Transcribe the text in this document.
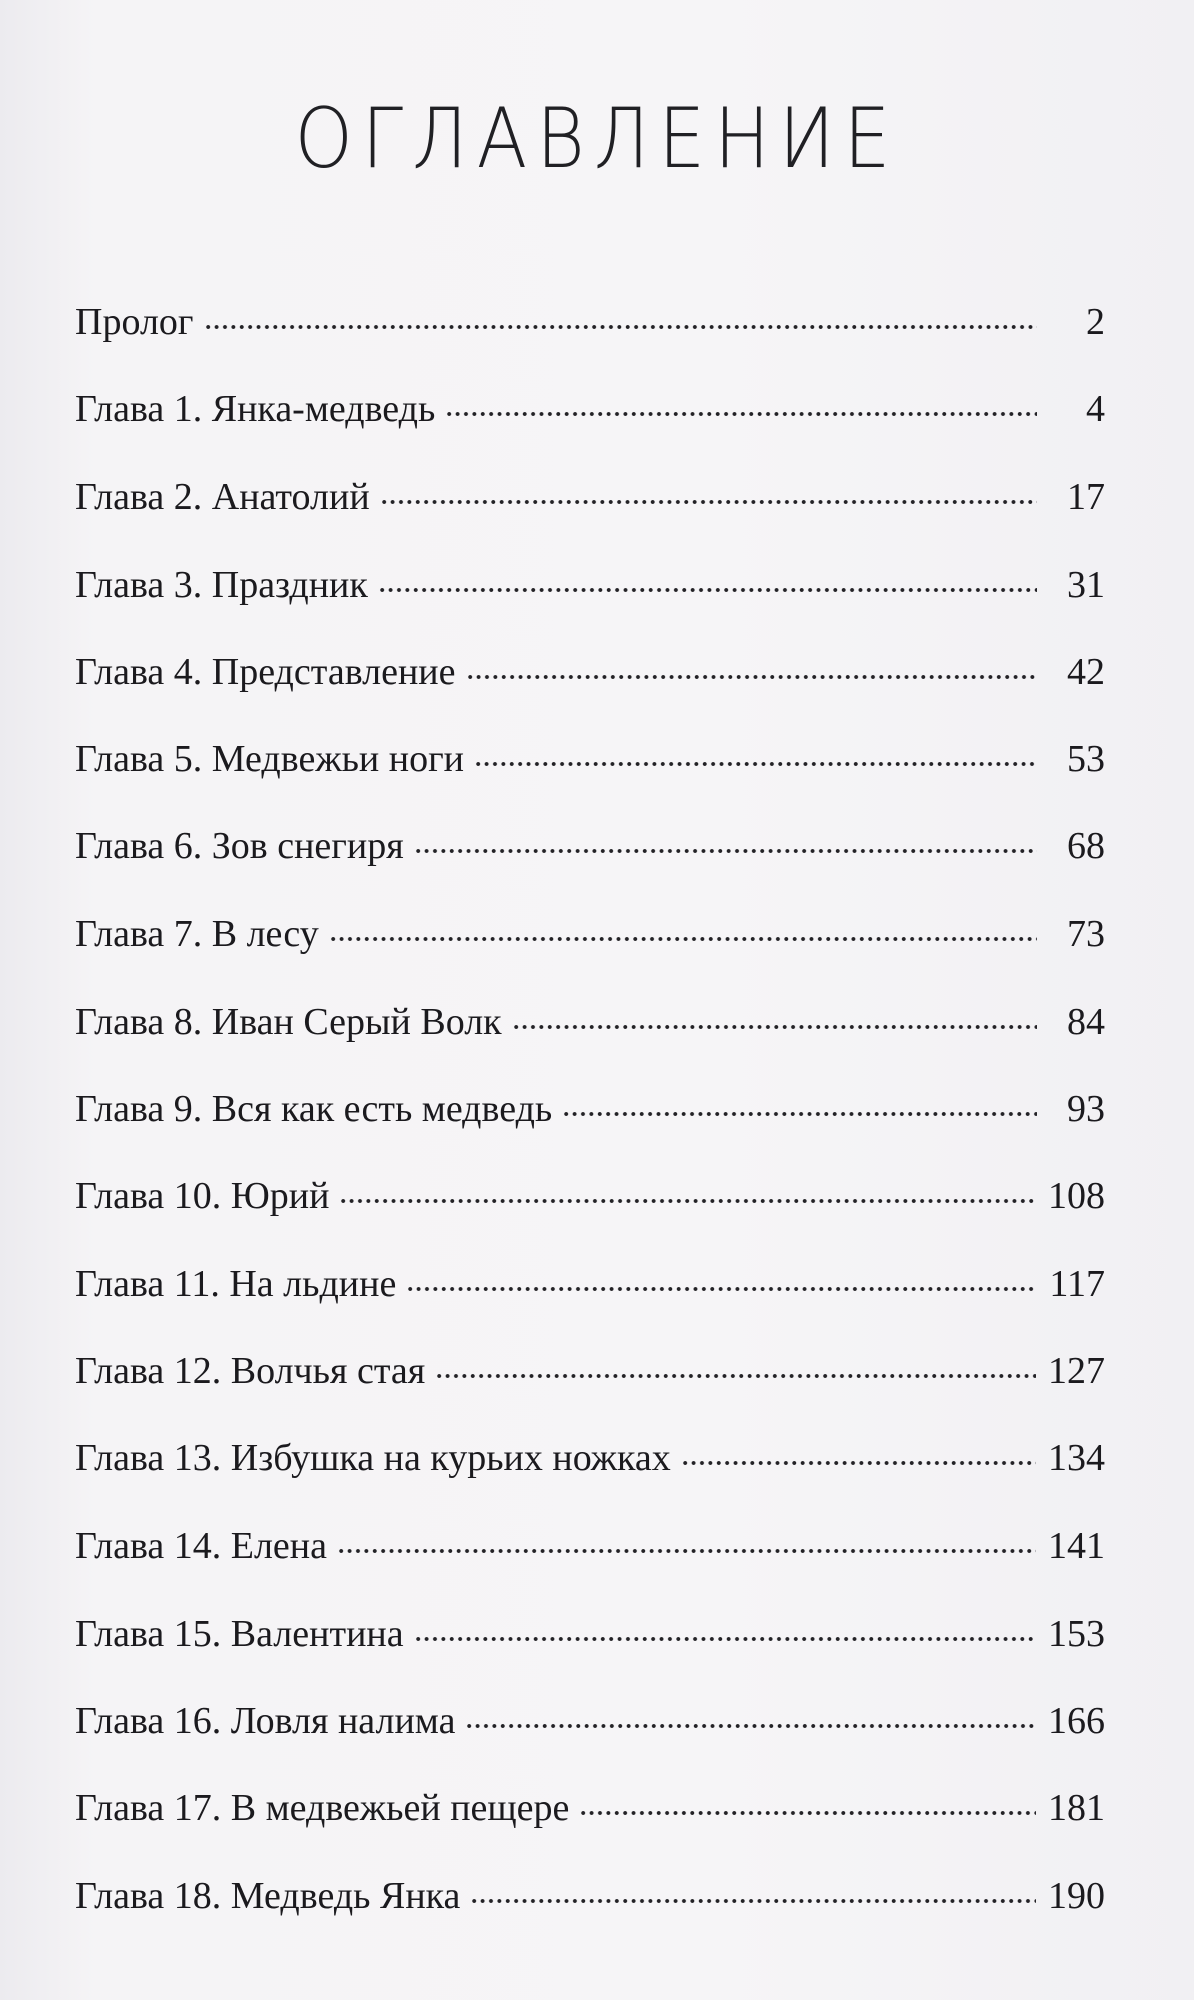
ОГЛАВЛЕНИЕ
Пролог	2
Глава 1. Янка-медведь	4
Глава 2. Анатолий	17
Глава 3. Праздник	31
Глава 4. Представление	42
Глава 5. Медвежьи ноги	53
Глава 6. Зов снегиря	68
Глава 7. В лесу	73
Глава 8. Иван Серый Волк	84
Глава 9. Вся как есть медведь	93
Глава 10. Юрий	108
Глава 11. На льдине	117
Глава 12. Волчья стая	127
Глава 13. Избушка на курьих ножках	134
Глава 14. Елена	141
Глава 15. Валентина	153
Глава 16. Ловля налима	166
Глава 17. В медвежьей пещере	181
Глава 18. Медведь Янка	190
